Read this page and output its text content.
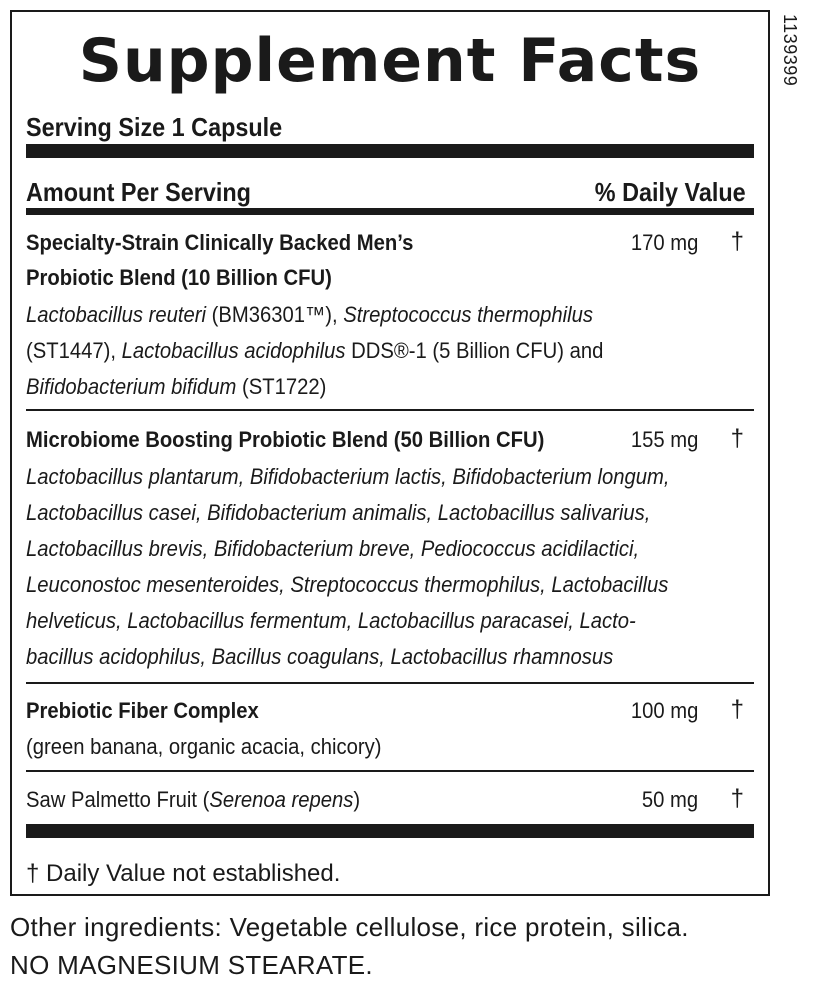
Supplement Facts
Serving Size 1 Capsule
Amount Per Serving	% Daily Value
Specialty-Strain Clinically Backed Men’s
Probiotic Blend (10 Billion CFU)
170 mg †
Lactobacillus reuteri (BM36301™), Streptococcus thermophilus
(ST1447), Lactobacillus acidophilus DDS®-1 (5 Billion CFU) and
Bifidobacterium bifidum (ST1722)
Microbiome Boosting Probiotic Blend (50 Billion CFU)	155 mg †
Lactobacillus plantarum, Bifidobacterium lactis, Bifidobacterium longum,
Lactobacillus casei, Bifidobacterium animalis, Lactobacillus salivarius,
Lactobacillus brevis, Bifidobacterium breve, Pediococcus acidilactici,
Leuconostoc mesenteroides, Streptococcus thermophilus, Lactobacillus
helveticus, Lactobacillus fermentum, Lactobacillus paracasei, Lacto-
bacillus acidophilus, Bacillus coagulans, Lactobacillus rhamnosus
Prebiotic Fiber Complex	100 mg †
(green banana, organic acacia, chicory)
Saw Palmetto Fruit (Serenoa repens)	50 mg †
† Daily Value not established.
1139399
Other ingredients: Vegetable cellulose, rice protein, silica.
NO MAGNESIUM STEARATE.
